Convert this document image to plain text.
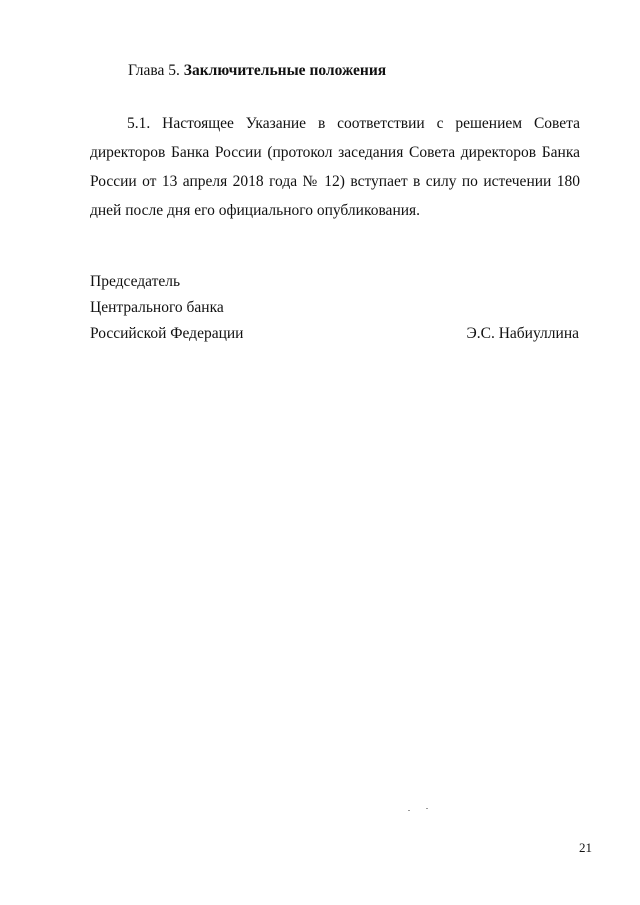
Глава 5. Заключительные положения
5.1. Настоящее Указание в соответствии с решением Совета
директоров Банка России (протокол заседания Совета директоров Банка
России от 13 апреля 2018 года № 12) вступает в силу по истечении 180
дней после дня его официального опубликования.
Председатель
Центрального банка
Российской Федерации	Э.С. Набиуллина
21
